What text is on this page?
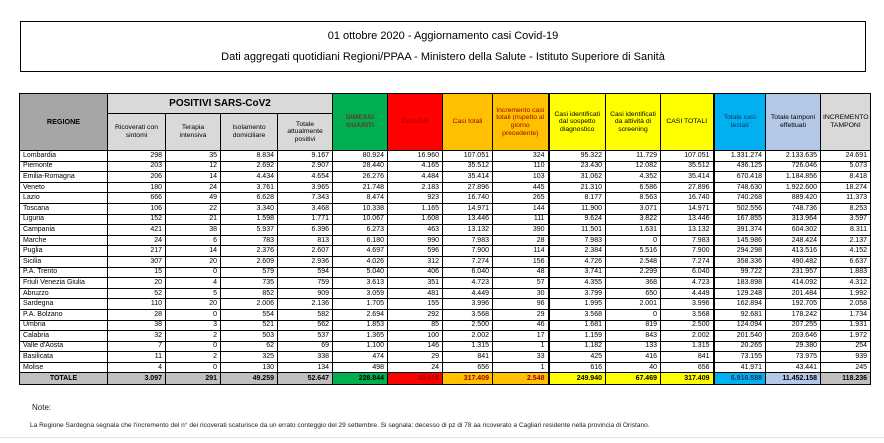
01 ottobre 2020 - Aggiornamento casi Covid-19
Dati aggregati quotidiani Regioni/PPAA - Ministero della Salute - Istituto Superiore di Sanità
REGIONE	POSITIVI SARS-CoV2				DIMESSI GUARITI	Deceduti	Casi totali	Incremento casi totali (rispetto al giorno precedente)	Casi identificati dal sospetto diagnostico	Casi identificati da attività di screening	CASI TOTALI	Totale casi testati	Totale tamponi effettuati	INCREMENTO TAMPONI
	Ricoverati con sintomi	Terapia intensiva	Isolamento domiciliare	Totale attualmente positivi										
Lombardia	298	35	8.834	9.167	80.924	16.960	107.051	324	95.322	11.729	107.051	1.331.274	2.133.635	24.691
Piemonte	203	12	2.692	2.907	28.440	4.165	35.512	110	23.430	12.082	35.512	436.125	726.046	5.073
Emilia-Romagna	206	14	4.434	4.654	26.276	4.484	35.414	103	31.062	4.352	35.414	670.418	1.184.856	8.418
Veneto	180	24	3.761	3.965	21.748	2.183	27.896	445	21.310	6.586	27.896	748.630	1.922.600	18.274
Lazio	666	49	6.628	7.343	8.474	923	16.740	265	8.177	8.563	16.740	740.268	889.420	11.373
Toscana	106	22	3.340	3.468	10.338	1.165	14.971	144	11.900	3.071	14.971	502.556	748.736	8.253
Liguria	152	21	1.598	1.771	10.067	1.608	13.446	111	9.624	3.822	13.446	167.855	313.964	3.597
Campania	421	38	5.937	6.396	6.273	463	13.132	390	11.501	1.631	13.132	391.374	604.302	8.311
Marche	24	6	783	813	6.180	990	7.983	28	7.983	0	7.983	145.986	248.424	2.137
Puglia	217	14	2.376	2.607	4.697	596	7.900	114	2.384	5.516	7.900	294.298	413.516	4.152
Sicilia	307	20	2.609	2.936	4.026	312	7.274	156	4.726	2.548	7.274	358.336	490.482	6.637
P.A. Trento	15	0	579	594	5.040	406	6.040	48	3.741	2.299	6.040	99.722	231.957	1.883
Friuli Venezia Giulia	20	4	735	759	3.613	351	4.723	57	4.355	368	4.723	183.898	414.092	4.312
Abruzzo	52	5	852	909	3.059	481	4.449	30	3.799	650	4.449	129.248	201.484	1.992
Sardegna	110	20	2.006	2.136	1.705	155	3.996	96	1.995	2.001	3.996	162.894	192.705	2.058
P.A. Bolzano	28	0	554	582	2.694	292	3.568	29	3.568	0	3.568	92.681	178.242	1.734
Umbria	38	3	521	562	1.853	85	2.500	46	1.681	819	2.500	124.094	207.255	1.931
Calabria	32	2	503	537	1.365	100	2.002	17	1.159	843	2.002	201.540	203.646	1.972
Valle d'Aosta	7	0	62	69	1.100	146	1.315	1	1.182	133	1.315	20.265	29.380	254
Basilicata	11	2	325	338	474	29	841	33	425	416	841	73.155	73.975	939
Molise	4	0	130	134	498	24	656	1	616	40	656	41.971	43.441	245
TOTALE	3.097	291	49.259	52.647	228.844	35.918	317.409	2.548	249.940	67.469	317.409	6.916.588	11.452.158	118.236
Note:
La Regione Sardegna segnala che l'incremento del n° dei ricoverati scaturisce da un errato conteggio del 29 settembre. Si segnala: decesso di pz di 78 aa ricoverato a Cagliari residente nella provincia di Oristano.
